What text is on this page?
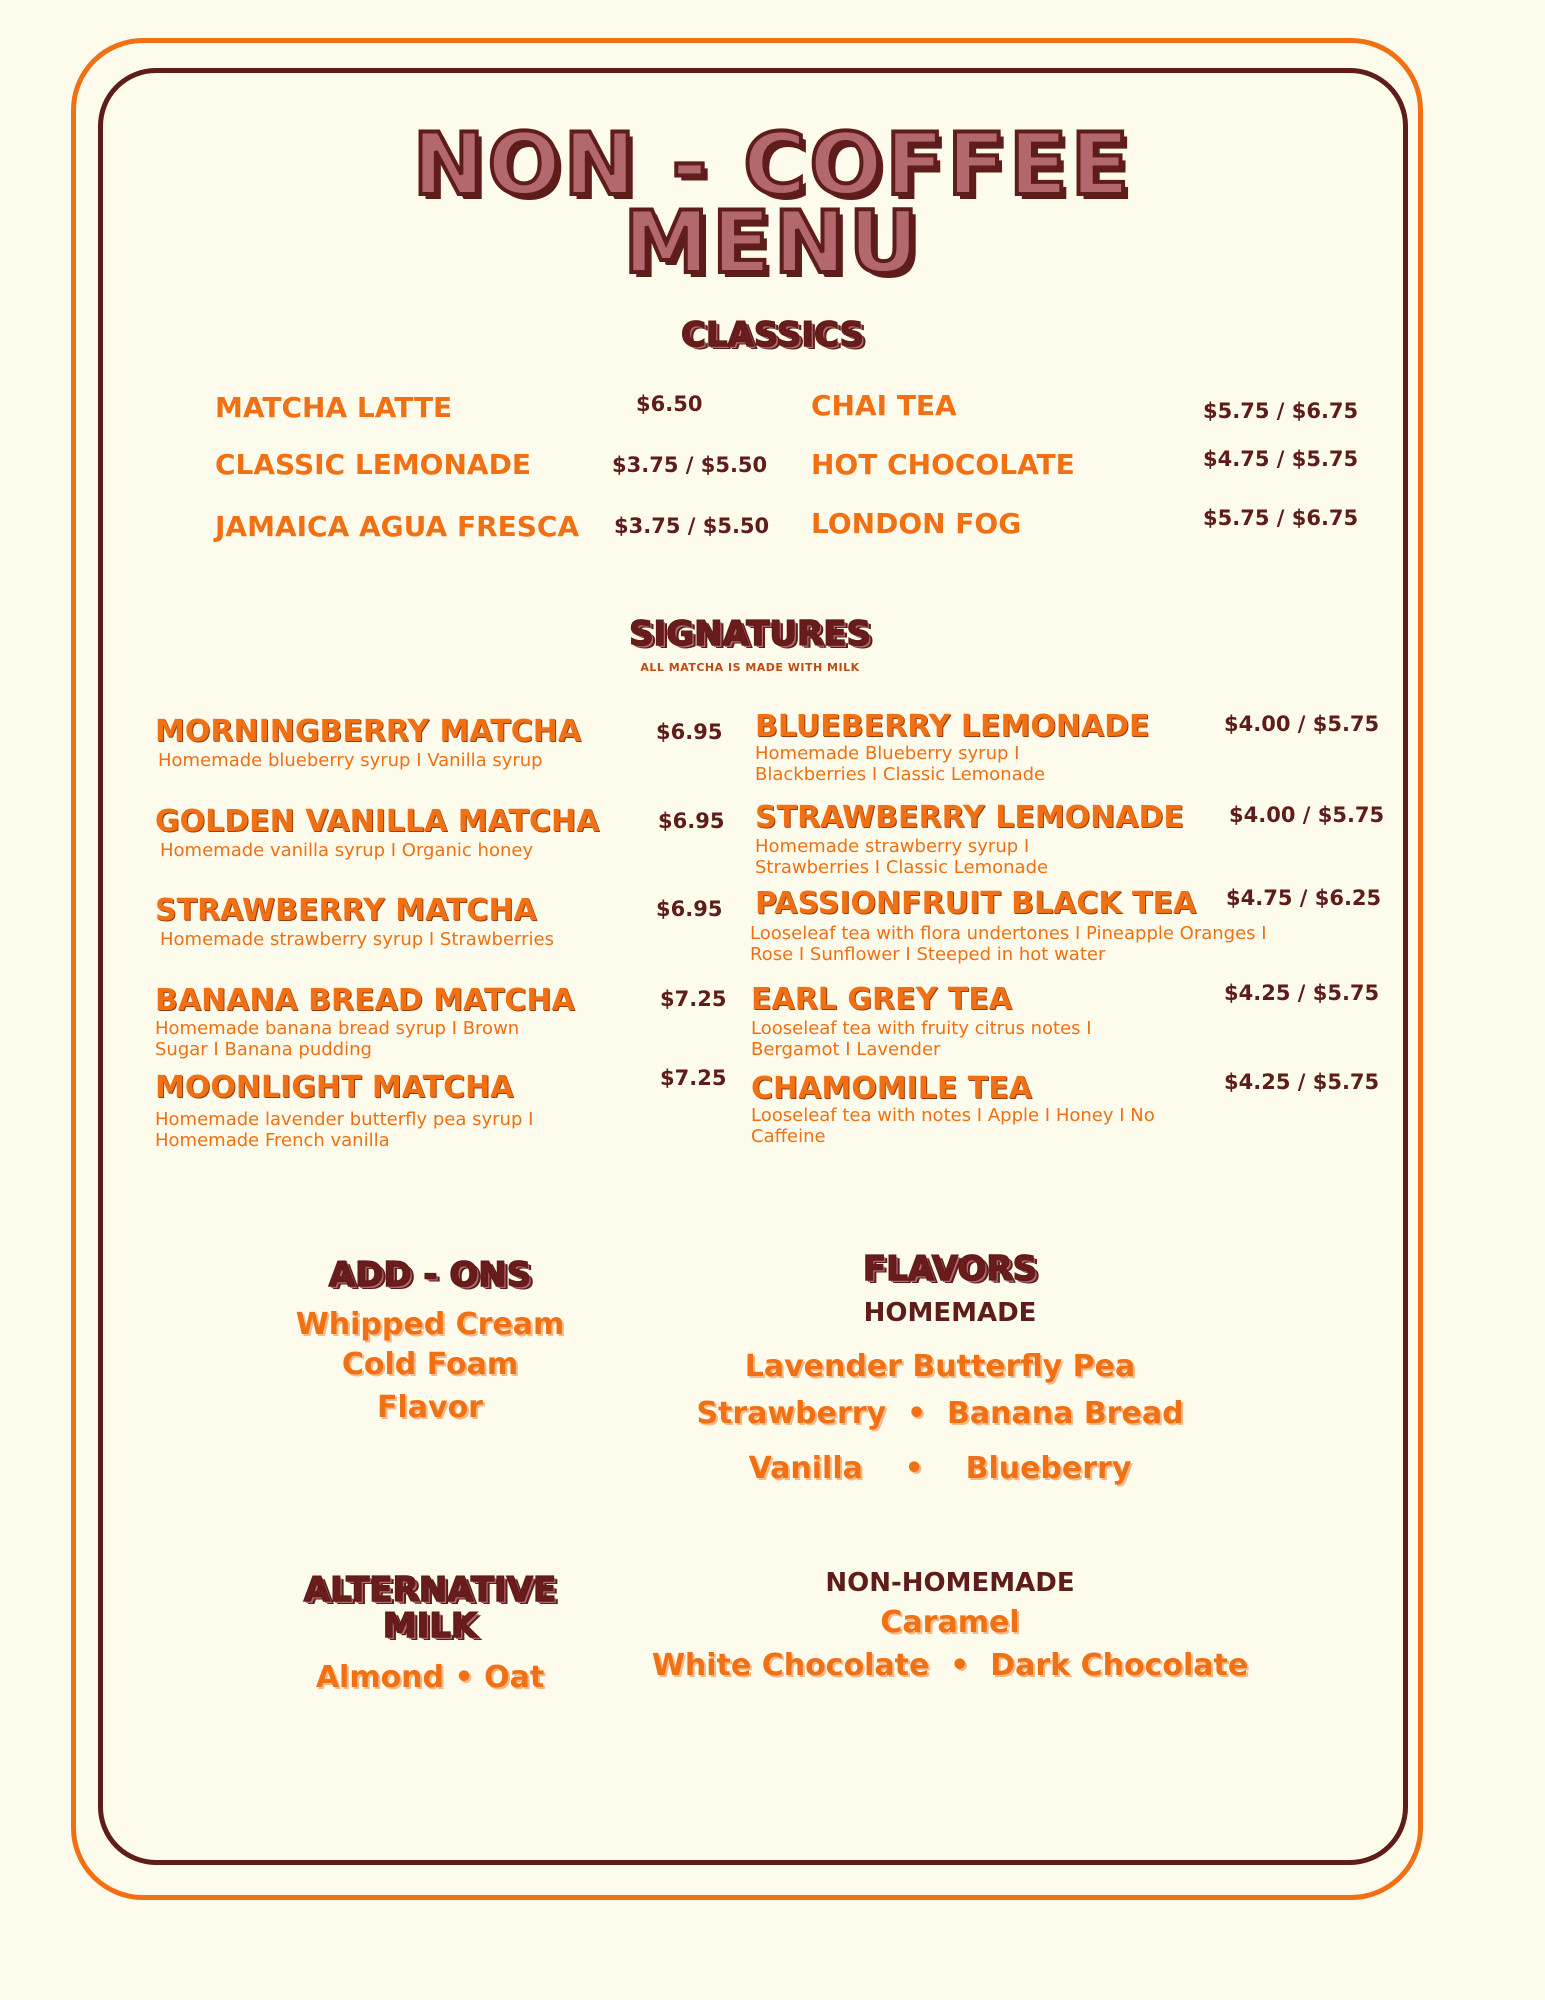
NON - COFFEE
MENU
CLASSICS
MATCHA LATTE	$6.50
CLASSIC LEMONADE	$3.75 / $5.50
JAMAICA AGUA FRESCA $3.75 / $5.50
CHAI TEA	$5.75 / $6.75
HOT CHOCOLATE	$4.75 / $5.75
LONDON FOG	$5.75 / $6.75
SIGNATURES
ALL MATCHA IS MADE WITH MILK
MORNINGBERRY MATCHA
Homemade blueberry syrup I Vanilla syrup
$6.95
GOLDEN VANILLA MATCHA
Homemade vanilla syrup I Organic honey
$6.95
STRAWBERRY MATCHA
Homemade strawberry syrup I Strawberries
$6.95
BANANA BREAD MATCHA
Homemade banana bread syrup I Brown Sugar I Banana pudding
$7.25
MOONLIGHT MATCHA
Homemade lavender butterfly pea syrup I Homemade French vanilla
$7.25
BLUEBERRY LEMONADE
Homemade Blueberry syrup I Blackberries I Classic Lemonade
$4.00 / $5.75
STRAWBERRY LEMONADE
Homemade strawberry syrup I Strawberries I Classic Lemonade
$4.00 / $5.75
PASSIONFRUIT BLACK TEA
Looseleaf tea with flora undertones I Pineapple Oranges I Rose I Sunflower I Steeped in hot water
$4.75 / $6.25
EARL GREY TEA
Looseleaf tea with fruity citrus notes I Bergamot I Lavender
$4.25 / $5.75
CHAMOMILE TEA
Looseleaf tea with notes I Apple I Honey I No Caffeine
$4.25 / $5.75
ADD - ONS
Whipped Cream
Cold Foam
Flavor
FLAVORS
HOMEMADE
Lavender Butterfly Pea
Strawberry  •  Banana Bread
Vanilla    •    Blueberry
NON-HOMEMADE
Caramel
White Chocolate  •  Dark Chocolate
ALTERNATIVE
MILK
Almond • Oat
